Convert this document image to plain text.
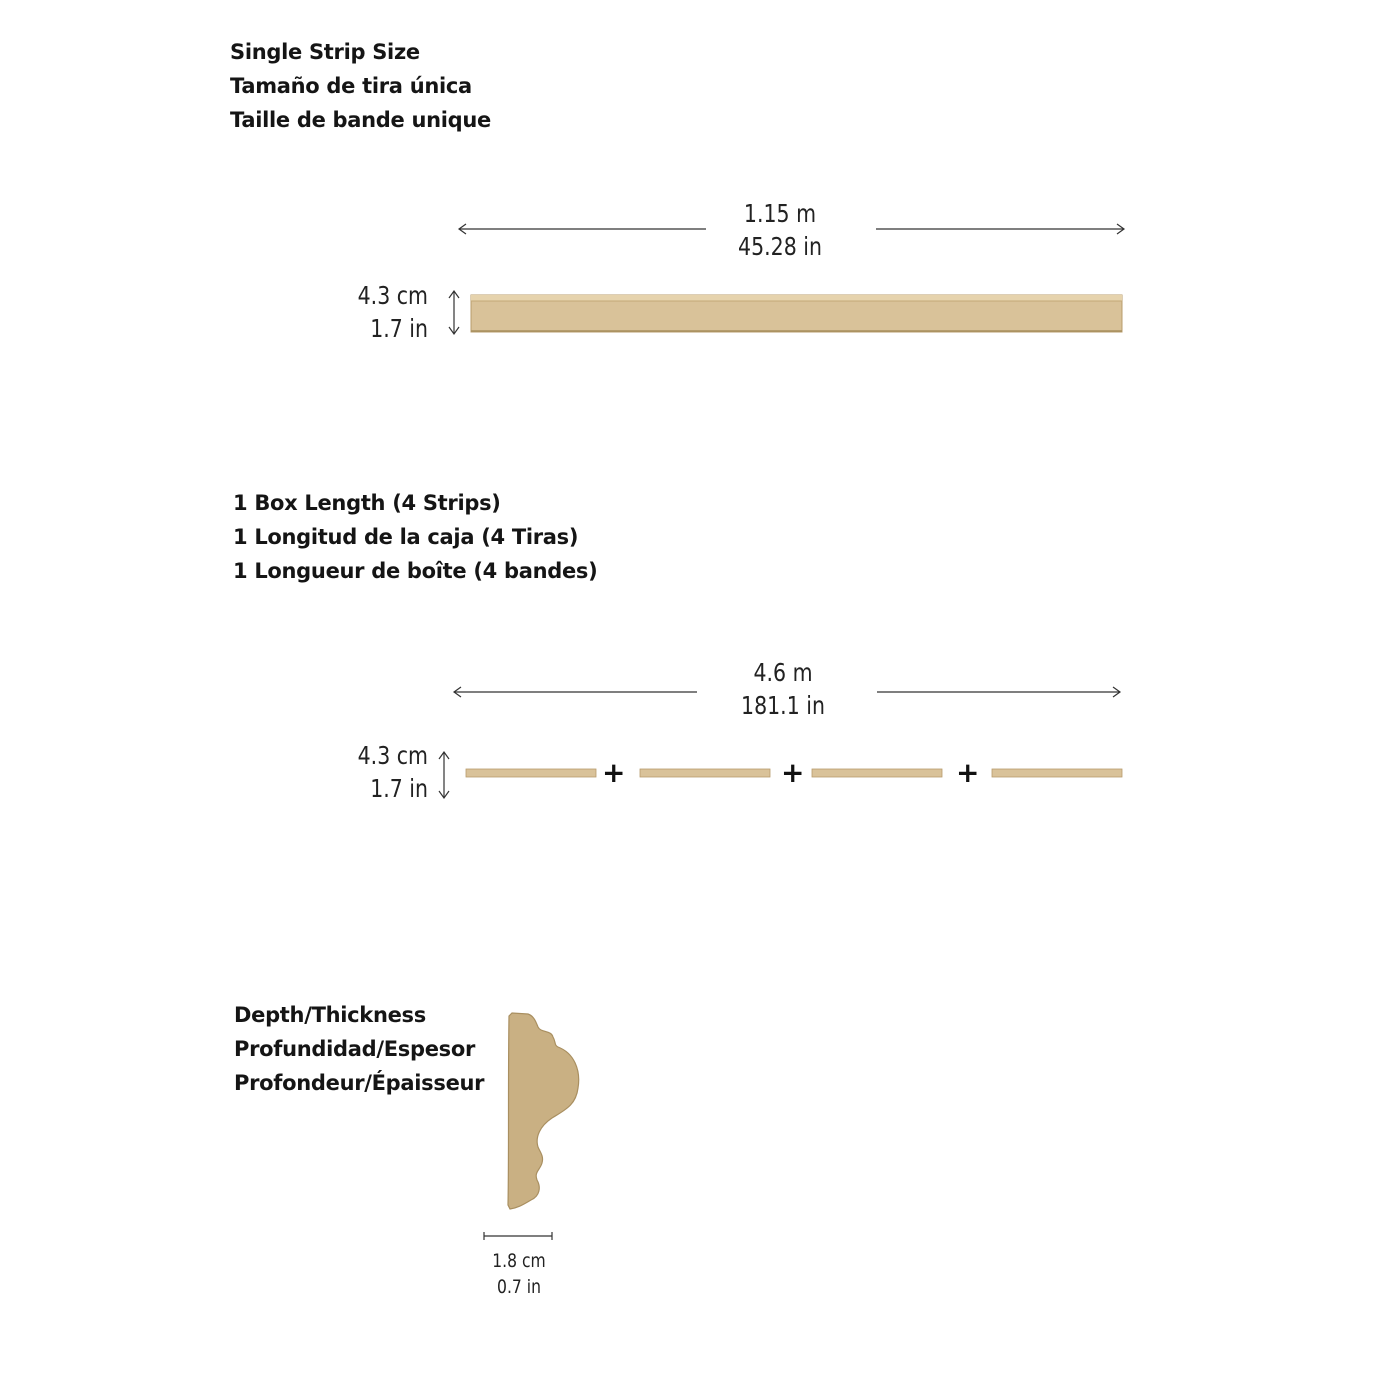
Single Strip Size
Tamaño de tira única
Taille de bande unique
1 Box Length (4 Strips)
1 Longitud de la caja (4 Tiras)
1 Longueur de boîte (4 bandes)
Depth/Thickness
Profundidad/Espesor
Profondeur/Épaisseur
1.15 m
45.28 in
4.3 cm
1.7 in
4.6 m
181.1 in
4.3 cm
1.7 in	+	+	+
1.8 cm
0.7 in
